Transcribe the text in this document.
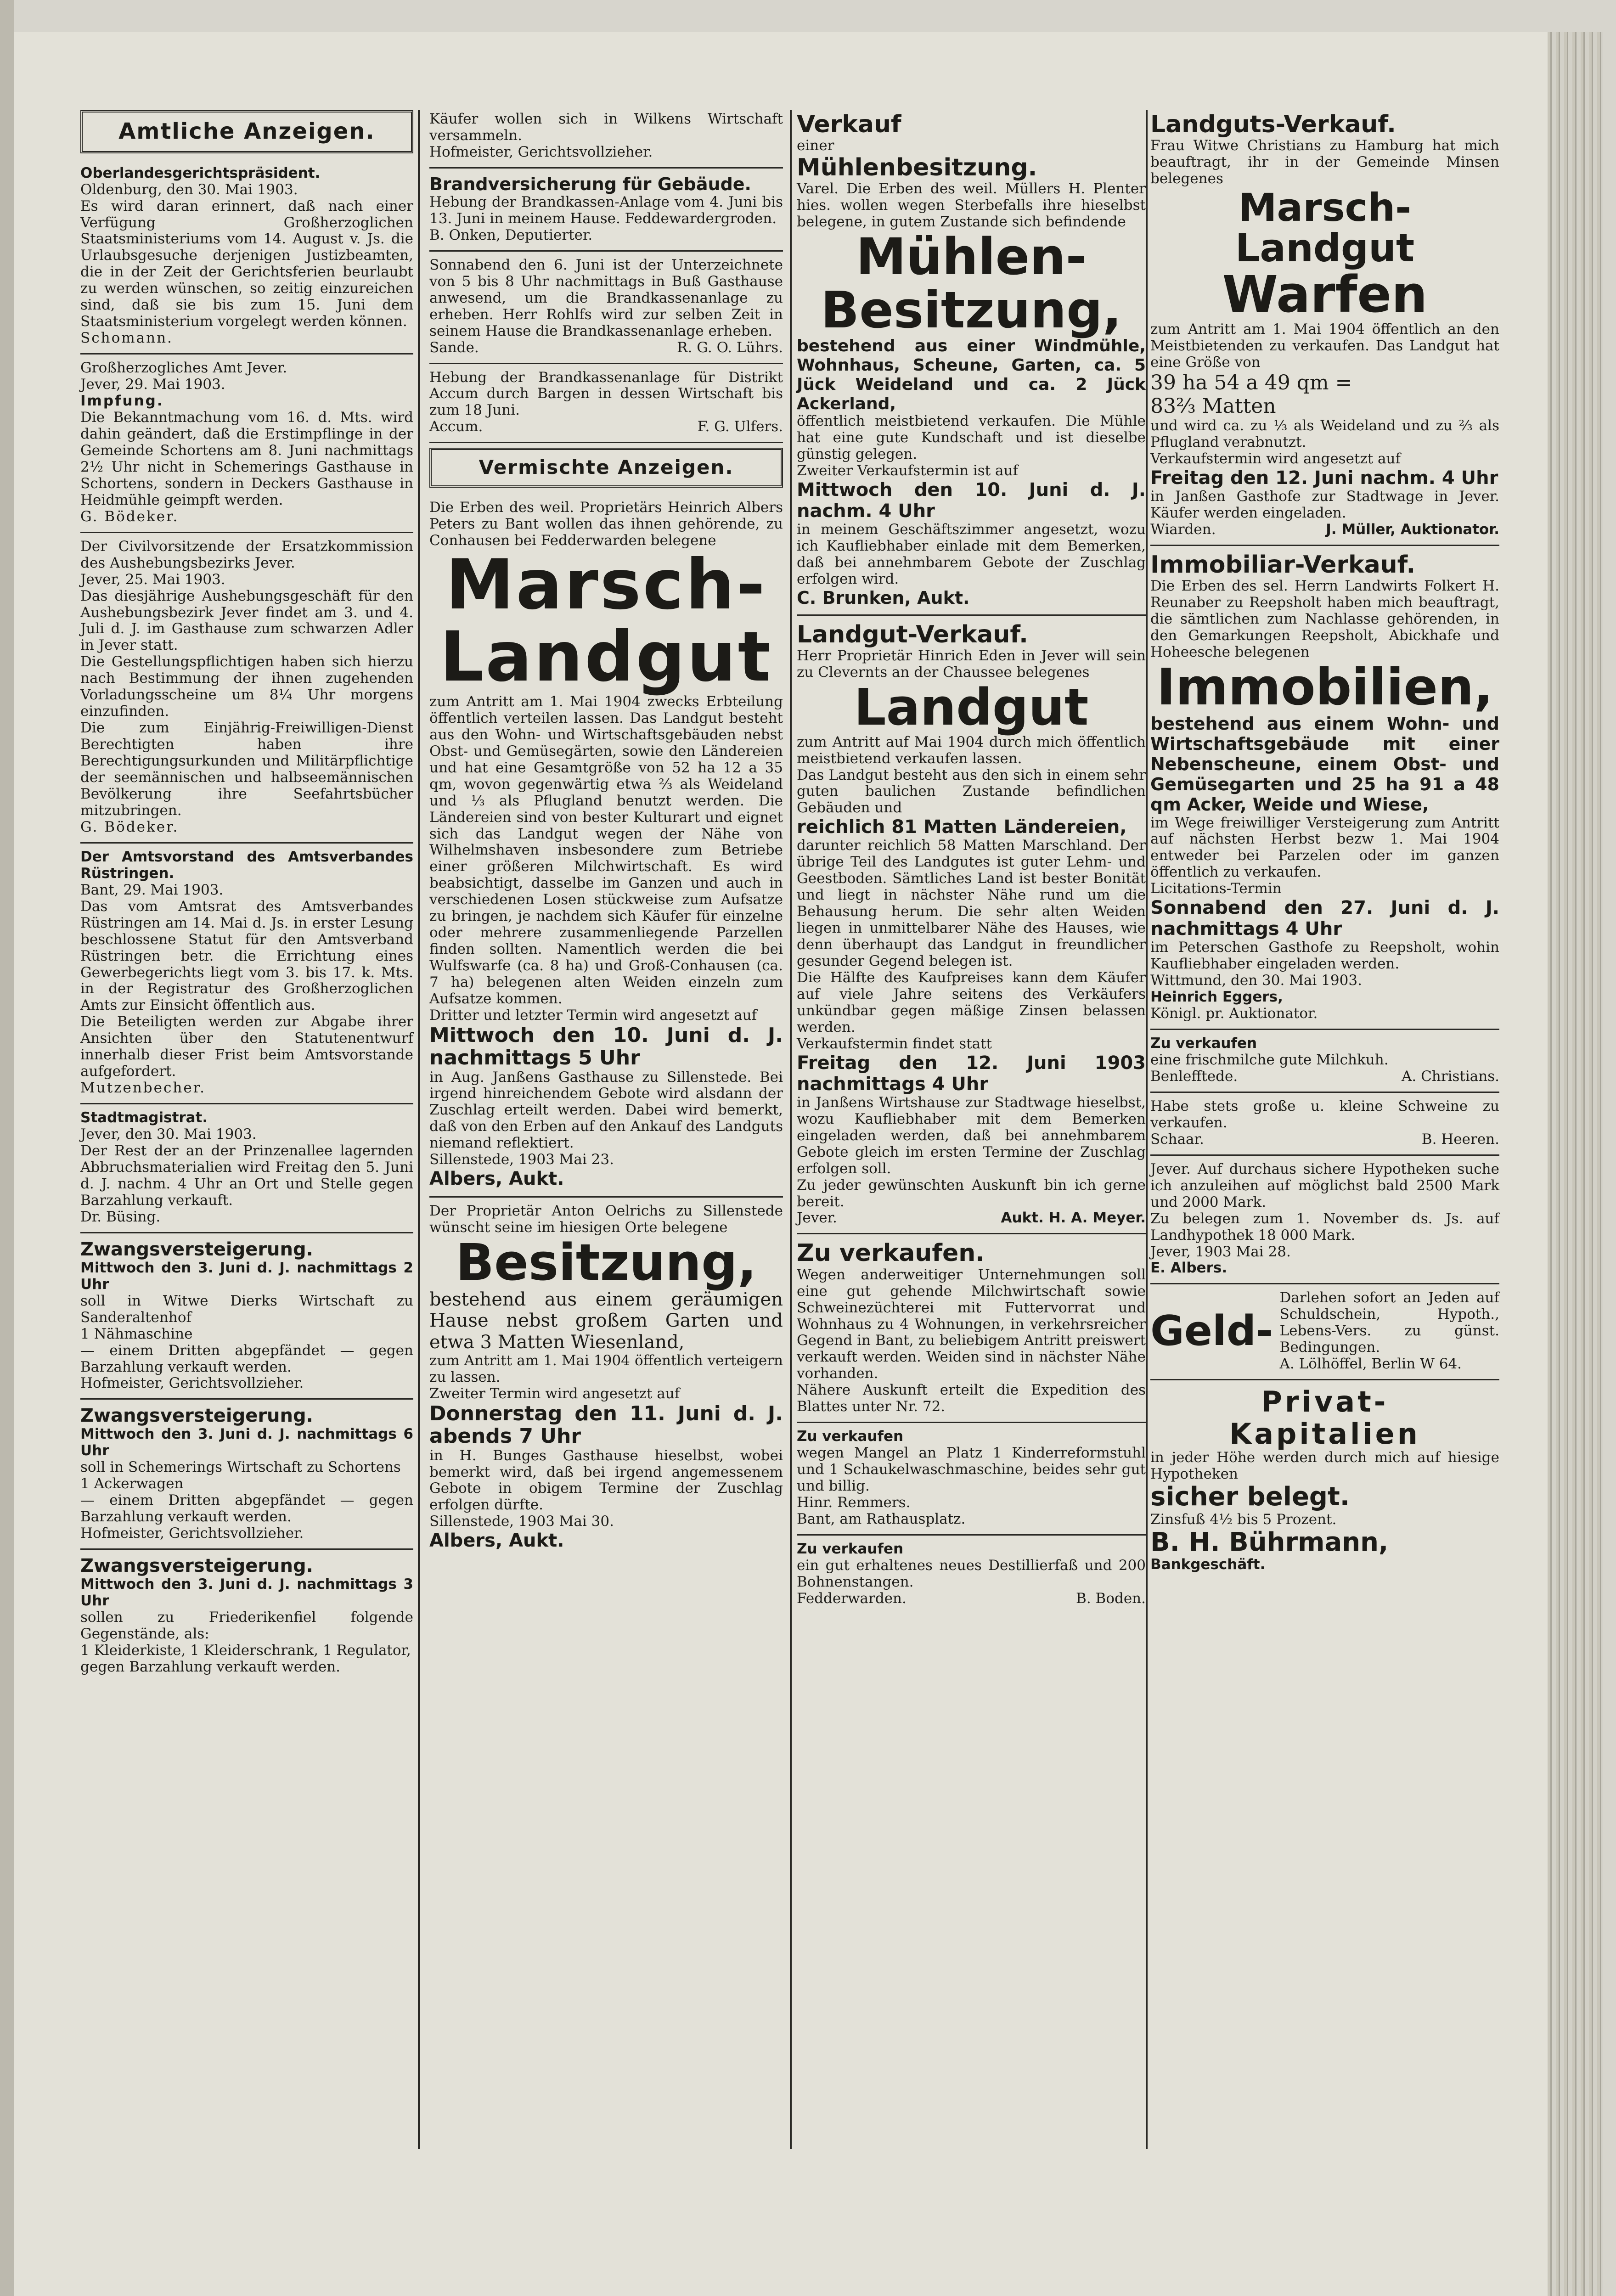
Amtliche Anzeigen.

Oberlandesgerichtspräsident.

Oldenburg, den 30. Mai 1903.

Es wird daran erinnert, daß nach einer Verfügung Großherzoglichen Staatsministeriums vom 14. August v. Js. die Urlaubsgesuche derjenigen Justizbeamten, die in der Zeit der Gerichtsferien beurlaubt zu werden wünschen, so zeitig einzureichen sind, daß sie bis zum 15. Juni dem Staatsministerium vorgelegt werden können.

Schomann.

Großherzogliches Amt Jever.

Jever, 29. Mai 1903.

Impfung.

Die Bekanntmachung vom 16. d. Mts. wird dahin geändert, daß die Erstimpflinge in der Gemeinde Schortens am 8. Juni nachmittags 2½ Uhr nicht in Schemerings Gasthause in Schortens, sondern in Deckers Gasthause in Heidmühle geimpft werden.

G. Bödeker.

Der Civilvorsitzende der Ersatzkommission des Aushebungsbezirks Jever.

Jever, 25. Mai 1903.

Das diesjährige Aushebungsgeschäft für den Aushebungsbezirk Jever findet am 3. und 4. Juli d. J. im Gasthause zum schwarzen Adler in Jever statt.

Die Gestellungspflichtigen haben sich hierzu nach Bestimmung der ihnen zugehenden Vorladungsscheine um 8¼ Uhr morgens einzufinden.

Die zum Einjährig-Freiwilligen-Dienst Berechtigten haben ihre Berechtigungsurkunden und Militärpflichtige der seemännischen und halbseemännischen Bevölkerung ihre Seefahrtsbücher mitzubringen.

G. Bödeker.

Der Amtsvorstand des Amtsverbandes Rüstringen.

Bant, 29. Mai 1903.

Das vom Amtsrat des Amtsverbandes Rüstringen am 14. Mai d. Js. in erster Lesung beschlossene Statut für den Amtsverband Rüstringen betr. die Errichtung eines Gewerbegerichts liegt vom 3. bis 17. k. Mts. in der Registratur des Großherzoglichen Amts zur Einsicht öffentlich aus.

Die Beteiligten werden zur Abgabe ihrer Ansichten über den Statutenentwurf innerhalb dieser Frist beim Amtsvorstande aufgefordert.

Mutzenbecher.

Stadtmagistrat.

Jever, den 30. Mai 1903.

Der Rest der an der Prinzenallee lagernden Abbruchsmaterialien wird Freitag den 5. Juni d. J. nachm. 4 Uhr an Ort und Stelle gegen Barzahlung verkauft.

Dr. Büsing.

Zwangsversteigerung.

Mittwoch den 3. Juni d. J. nachmittags 2 Uhr

soll in Witwe Dierks Wirtschaft zu Sanderaltenhof

1 Nähmaschine

— einem Dritten abgepfändet — gegen Barzahlung verkauft werden.

Hofmeister, Gerichtsvollzieher.

Zwangsversteigerung.

Mittwoch den 3. Juni d. J. nachmittags 6 Uhr

soll in Schemerings Wirtschaft zu Schortens

1 Ackerwagen

— einem Dritten abgepfändet — gegen Barzahlung verkauft werden.

Hofmeister, Gerichtsvollzieher.

Zwangsversteigerung.

Mittwoch den 3. Juni d. J. nachmittags 3 Uhr

sollen zu Friederikenfiel folgende Gegenstände, als:

1 Kleiderkiste, 1 Kleiderschrank, 1 Regulator,

gegen Barzahlung verkauft werden.

Käufer wollen sich in Wilkens Wirtschaft versammeln.

Hofmeister, Gerichtsvollzieher.

Brandversicherung für Gebäude.

Hebung der Brandkassen-Anlage vom 4. Juni bis 13. Juni in meinem Hause. Feddewardergroden.

B. Onken, Deputierter.

Sonnabend den 6. Juni ist der Unterzeichnete von 5 bis 8 Uhr nachmittags in Buß Gasthause anwesend, um die Brandkassenanlage zu erheben. Herr Rohlfs wird zur selben Zeit in seinem Hause die Brandkassenanlage erheben.

Sande.	R. G. O. Lührs.

Hebung der Brandkassenanlage für Distrikt Accum durch Bargen in dessen Wirtschaft bis zum 18 Juni.

Accum.	F. G. Ulfers.
Vermischte Anzeigen.

Die Erben des weil. Proprietärs Heinrich Albers Peters zu Bant wollen das ihnen gehörende, zu Conhausen bei Fedderwarden belegene

Marsch-
Landgut

zum Antritt am 1. Mai 1904 zwecks Erbteilung öffentlich verteilen lassen. Das Landgut besteht aus den Wohn- und Wirtschaftsgebäuden nebst Obst- und Gemüsegärten, sowie den Ländereien und hat eine Gesamtgröße von 52 ha 12 a 35 qm, wovon gegenwärtig etwa ⅔ als Weideland und ⅓ als Pflugland benutzt werden. Die Ländereien sind von bester Kulturart und eignet sich das Landgut wegen der Nähe von Wilhelmshaven insbesondere zum Betriebe einer größeren Milchwirtschaft. Es wird beabsichtigt, dasselbe im Ganzen und auch in verschiedenen Losen stückweise zum Aufsatze zu bringen, je nachdem sich Käufer für einzelne oder mehrere zusammenliegende Parzellen finden sollten. Namentlich werden die bei Wulfswarfe (ca. 8 ha) und Groß-Conhausen (ca. 7 ha) belegenen alten Weiden einzeln zum Aufsatze kommen.

Dritter und letzter Termin wird angesetzt auf

Mittwoch den 10. Juni d. J. nachmittags 5 Uhr

in Aug. Janßens Gasthause zu Sillenstede. Bei irgend hinreichendem Gebote wird alsdann der Zuschlag erteilt werden. Dabei wird bemerkt, daß von den Erben auf den Ankauf des Landguts niemand reflektiert.

Sillenstede, 1903 Mai 23.

Albers, Aukt.

Der Proprietär Anton Oelrichs zu Sillenstede wünscht seine im hiesigen Orte belegene

Besitzung,

bestehend aus einem geräumigen Hause nebst großem Garten und etwa 3 Matten Wiesenland,

zum Antritt am 1. Mai 1904 öffentlich verteigern zu lassen.

Zweiter Termin wird angesetzt auf

Donnerstag den 11. Juni d. J. abends 7 Uhr

in H. Bunges Gasthause hieselbst, wobei bemerkt wird, daß bei irgend angemessenem Gebote in obigem Termine der Zuschlag erfolgen dürfte.

Sillenstede, 1903 Mai 30.

Albers, Aukt.

Verkauf

einer

Mühlenbesitzung.

Varel. Die Erben des weil. Müllers H. Plenter hies. wollen wegen Sterbefalls ihre hieselbst belegene, in gutem Zustande sich befindende

Mühlen-
Besitzung,

bestehend aus einer Windmühle, Wohnhaus, Scheune, Garten, ca. 5 Jück Weideland und ca. 2 Jück Ackerland,

öffentlich meistbietend verkaufen. Die Mühle hat eine gute Kundschaft und ist dieselbe günstig gelegen.

Zweiter Verkaufstermin ist auf

Mittwoch den 10. Juni d. J. nachm. 4 Uhr

in meinem Geschäftszimmer angesetzt, wozu ich Kaufliebhaber einlade mit dem Bemerken, daß bei annehmbarem Gebote der Zuschlag erfolgen wird.

C. Brunken, Aukt.

Landgut-Verkauf.

Herr Proprietär Hinrich Eden in Jever will sein zu Clevernts an der Chaussee belegenes

Landgut

zum Antritt auf Mai 1904 durch mich öffentlich meistbietend verkaufen lassen.

Das Landgut besteht aus den sich in einem sehr guten baulichen Zustande befindlichen Gebäuden und

reichlich 81 Matten Ländereien,

darunter reichlich 58 Matten Marschland. Der übrige Teil des Landgutes ist guter Lehm- und Geestboden. Sämtliches Land ist bester Bonität und liegt in nächster Nähe rund um die Behausung herum. Die sehr alten Weiden liegen in unmittelbarer Nähe des Hauses, wie denn überhaupt das Landgut in freundlicher gesunder Gegend belegen ist.

Die Hälfte des Kaufpreises kann dem Käufer auf viele Jahre seitens des Verkäufers unkündbar gegen mäßige Zinsen belassen werden.

Verkaufstermin findet statt

Freitag den 12. Juni 1903 nachmittags 4 Uhr

in Janßens Wirtshause zur Stadtwage hieselbst, wozu Kaufliebhaber mit dem Bemerken eingeladen werden, daß bei annehmbarem Gebote gleich im ersten Termine der Zuschlag erfolgen soll.

Zu jeder gewünschten Auskunft bin ich gerne bereit.

Jever.	Aukt. H. A. Meyer.

Zu verkaufen.

Wegen anderweitiger Unternehmungen soll eine gut gehende Milchwirtschaft sowie Schweinezüchterei mit Futtervorrat und Wohnhaus zu 4 Wohnungen, in verkehrsreicher Gegend in Bant, zu beliebigem Antritt preiswert verkauft werden. Weiden sind in nächster Nähe vorhanden.

Nähere Auskunft erteilt die Expedition des Blattes unter Nr. 72.

Zu verkaufen

wegen Mangel an Platz 1 Kinderreformstuhl und 1 Schaukelwaschmaschine, beides sehr gut und billig.

Hinr. Remmers.

Bant, am Rathausplatz.

Zu verkaufen

ein gut erhaltenes neues Destillierfaß und 200 Bohnenstangen.

Fedderwarden.	B. Boden.

Landguts-Verkauf.

Frau Witwe Christians zu Hamburg hat mich beauftragt, ihr in der Gemeinde Minsen belegenes

Marsch-Landgut
Warfen

zum Antritt am 1. Mai 1904 öffentlich an den Meistbietenden zu verkaufen. Das Landgut hat eine Größe von

39 ha 54 a 49 qm =

83⅔ Matten

und wird ca. zu ⅓ als Weideland und zu ⅔ als Pflugland verabnutzt.

Verkaufstermin wird angesetzt auf

Freitag den 12. Juni nachm. 4 Uhr

in Janßen Gasthofe zur Stadtwage in Jever. Käufer werden eingeladen.

Wiarden.	J. Müller, Auktionator.

Immobiliar-Verkauf.

Die Erben des sel. Herrn Landwirts Folkert H. Reunaber zu Reepsholt haben mich beauftragt, die sämtlichen zum Nachlasse gehörenden, in den Gemarkungen Reepsholt, Abickhafe und Hoheesche belegenen

Immobilien,

bestehend aus einem Wohn- und Wirtschaftsgebäude mit einer Nebenscheune, einem Obst- und Gemüsegarten und 25 ha 91 a 48 qm Acker, Weide und Wiese,

im Wege freiwilliger Versteigerung zum Antritt auf nächsten Herbst bezw 1. Mai 1904 entweder bei Parzelen oder im ganzen öffentlich zu verkaufen.

Licitations-Termin

Sonnabend den 27. Juni d. J. nachmittags 4 Uhr

im Peterschen Gasthofe zu Reepsholt, wohin Kaufliebhaber eingeladen werden.

Wittmund, den 30. Mai 1903.

Heinrich Eggers,

Königl. pr. Auktionator.

Zu verkaufen

eine frischmilche gute Milchkuh.

Benlefftede.	A. Christians.

Habe stets große u. kleine Schweine zu verkaufen.

Schaar.	B. Heeren.

Jever. Auf durchaus sichere Hypotheken suche ich anzuleihen auf möglichst bald 2500 Mark und 2000 Mark.

Zu belegen zum 1. November ds. Js. auf Landhypothek 18 000 Mark.

Jever, 1903 Mai 28.

E. Albers.

Geld-

Darlehen sofort an Jeden auf Schuldschein, Hypoth., Lebens-Vers. zu günst. Bedingungen.

A. Lölhöffel, Berlin W 64.

Privat-
Kapitalien

in jeder Höhe werden durch mich auf hiesige Hypotheken

sicher belegt.

Zinsfuß 4½ bis 5 Prozent.

B. H. Bührmann,

Bankgeschäft.
